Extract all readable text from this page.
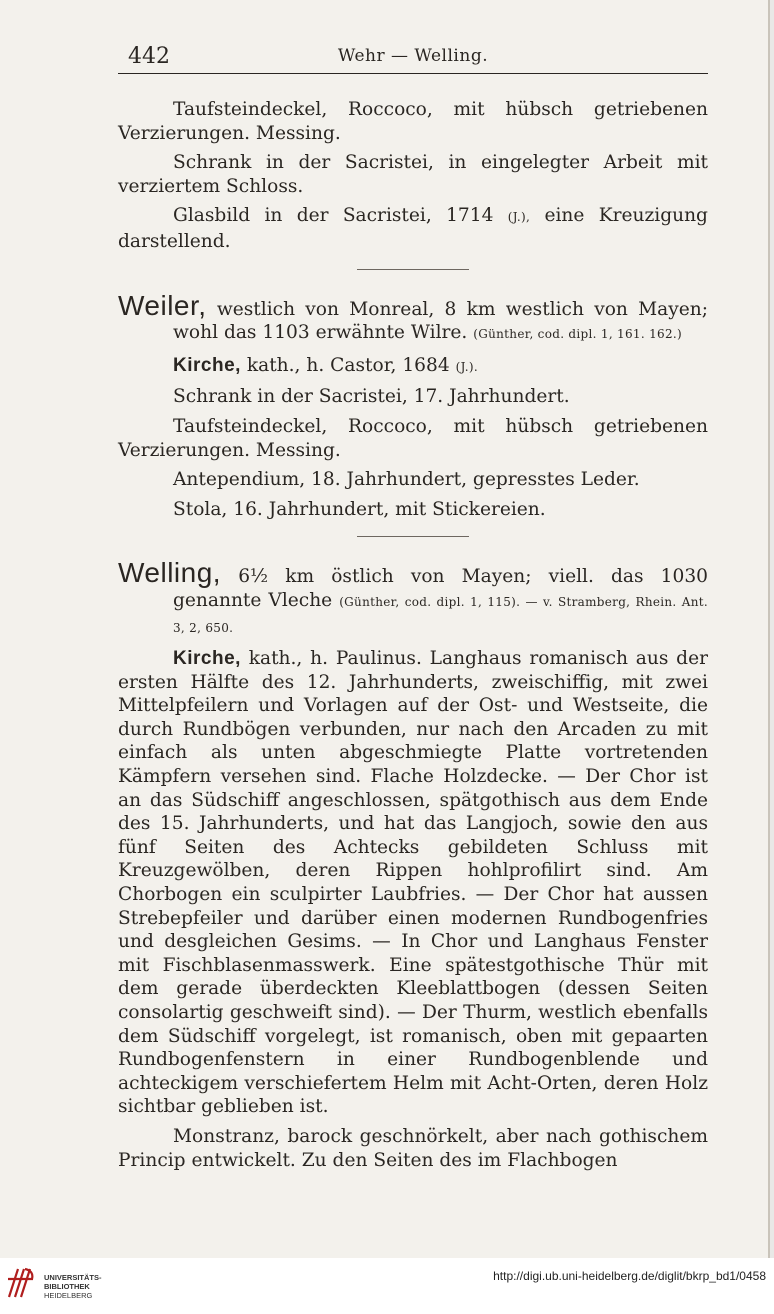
442	Wehr — Welling.

Taufsteindeckel, Roccoco, mit hübsch getriebenen Verzierungen. Messing.

Schrank in der Sacristei, in eingelegter Arbeit mit verziertem Schloss.

Glasbild in der Sacristei, 1714 (J.), eine Kreuzigung darstellend.

Weiler, westlich von Monreal, 8 km westlich von Mayen; wohl das 1103 erwähnte Wilre. (Günther, cod. dipl. 1, 161. 162.)

Kirche, kath., h. Castor, 1684 (J.).

Schrank in der Sacristei, 17. Jahrhundert.

Taufsteindeckel, Roccoco, mit hübsch getriebenen Verzierungen. Messing.

Antependium, 18. Jahrhundert, gepresstes Leder.

Stola, 16. Jahrhundert, mit Stickereien.

Welling, 6½ km östlich von Mayen; viell. das 1030 genannte Vleche (Günther, cod. dipl. 1, 115). — v. Stramberg, Rhein. Ant. 3, 2, 650.

Kirche, kath., h. Paulinus. Langhaus romanisch aus der ersten Hälfte des 12. Jahrhunderts, zweischiffig, mit zwei Mittelpfeilern und Vorlagen auf der Ost- und Westseite, die durch Rundbögen verbunden, nur nach den Arcaden zu mit einfach als unten abgeschmiegte Platte vortretenden Kämpfern versehen sind. Flache Holzdecke. — Der Chor ist an das Südschiff angeschlossen, spätgothisch aus dem Ende des 15. Jahrhunderts, und hat das Langjoch, sowie den aus fünf Seiten des Achtecks gebildeten Schluss mit Kreuzgewölben, deren Rippen hohlprofilirt sind. Am Chorbogen ein sculpirter Laubfries. — Der Chor hat aussen Strebepfeiler und darüber einen modernen Rundbogenfries und desgleichen Gesims. — In Chor und Langhaus Fenster mit Fischblasenmasswerk. Eine spätestgothische Thür mit dem gerade überdeckten Kleeblattbogen (dessen Seiten consolartig geschweift sind). — Der Thurm, westlich ebenfalls dem Südschiff vorgelegt, ist romanisch, oben mit gepaarten Rundbogenfenstern in einer Rundbogenblende und achteckigem verschiefertem Helm mit Acht-Orten, deren Holz sichtbar geblieben ist.

Monstranz, barock geschnörkelt, aber nach gothischem Princip entwickelt. Zu den Seiten des im Flachbogen

UNIVERSITÄTS-
BIBLIOTHEK
HEIDELBERG
http://digi.ub.uni-heidelberg.de/diglit/bkrp_bd1/0458
